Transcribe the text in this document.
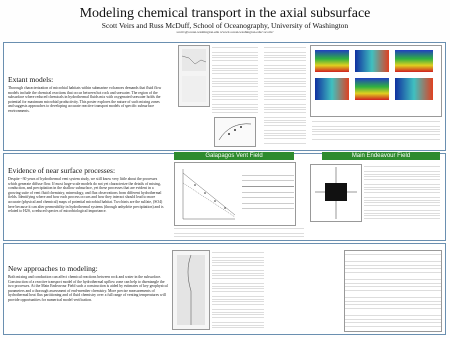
Modeling chemical transport in the axial subsurface
Scott Veirs and Russ McDuff, School of Oceanography, University of Washington
scottv@ocean.washington.edu www2.ocean.washington.edu/~scottv/
Extant models:
Thorough characterization of microbial habitats within submarine volcanoes demands that fluid flow models include the chemical reactions that occur between hot rock and seawater. The region of the subsurface where reduced chemicals in hydrothermal fluids mix with oxygenated seawater holds the potential for maximum microbial productivity. This poster explores the nature of such mixing zones and suggests approaches to developing accurate reactive transport models of specific subsurface environments.
Evidence of near surface processes:
Despite ~30 years of hydrothermal vent system study, we still know very little about the processes which generate diffuse flow. If most large-scale models do not yet characterize the details of mixing, conduction, and precipitation in the shallow subsurface, yet these processes that are evident in a growing suite of vent fluid chemistry, mineralogy, and flux observations from different hydrothermal fields. Identifying where and how each process occurs and how they interact should lead to more accurate (physical and chemical) maps of potential microbial habitat. Two hints are the sulfate, (SO4) here because it can alter permeability in hydrothermal systems (through anhydrite precipitation) and is related to H2S, a reduced species of microbiological importance.
Galapagos Vent Field	Main Endeavour Field
New approaches to modeling:
Both mixing and conduction can affect chemical reactions between rock and water in the subsurface. Construction of a reactive transport model of the hydrothermal upflow zone can help to disentangle the two processes. At the Main Endeavour Field such a construction is aided by estimates of key geophysical parameters and a thorough assessment of end-member chemistry. More precise measurements of hydrothermal heat flux partitioning and of fluid chemistry over a full range of venting temperatures will provide opportunities for numerical model verification.
